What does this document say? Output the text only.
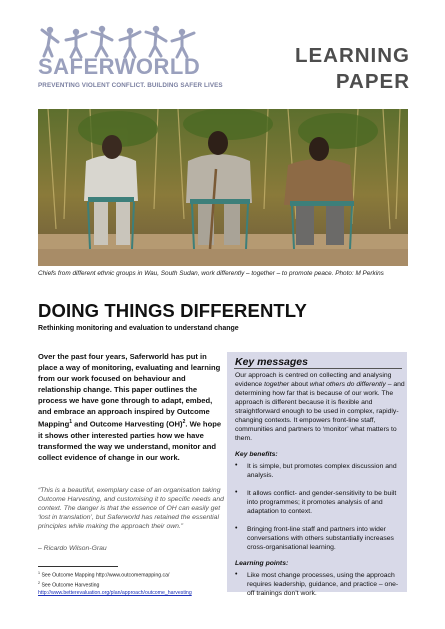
SAFERWORLD
PREVENTING VIOLENT CONFLICT. BUILDING SAFER LIVES
LEARNING
PAPER
Chiefs from different ethnic groups in Wau, South Sudan, work differently – together – to promote peace. Photo: M Perkins
DOING THINGS DIFFERENTLY
Rethinking monitoring and evaluation to understand change
Over the past four years, Saferworld has put in place a way of monitoring, evaluating and learning from our work focused on behaviour and relationship change. This paper outlines the process we have gone through to adapt, embed, and embrace an approach inspired by Outcome Mapping$^1$ and Outcome Harvesting (OH)$^2$. We hope it shows other interested parties how we have transformed the way we understand, monitor and collect evidence of change in our work.
“This is a beautiful, exemplary case of an organisation taking Outcome Harvesting, and customising it to specific needs and context. The danger is that the essence of OH can easily get ‘lost in translation’, but Saferworld has retained the essential principles while making the approach their own.”
– Ricardo Wilson-Grau
$^1$ See Outcome Mapping http://www.outcomemapping.ca/
$^2$ See Outcome Harvesting
http://www.betterevaluation.org/plan/approach/outcome_harvesting
Key messages
Our approach is centred on collecting and analysing evidence together about what others do differently – and determining how far that is because of our work. The approach is different because it is flexible and straightforward enough to be used in complex, rapidly-changing contexts. It empowers front-line staff, communities and partners to ‘monitor’ what matters to them.
Key benefits:
• It is simple, but promotes complex discussion and analysis.
• It allows conflict- and gender-sensitivity to be built into programmes; it promotes analysis of and adaptation to context.
• Bringing front-line staff and partners into wider conversations with others substantially increases cross-organisational learning.
Learning points:
• Like most change processes, using the approach requires leadership, guidance, and practice – one-off trainings don’t work.
